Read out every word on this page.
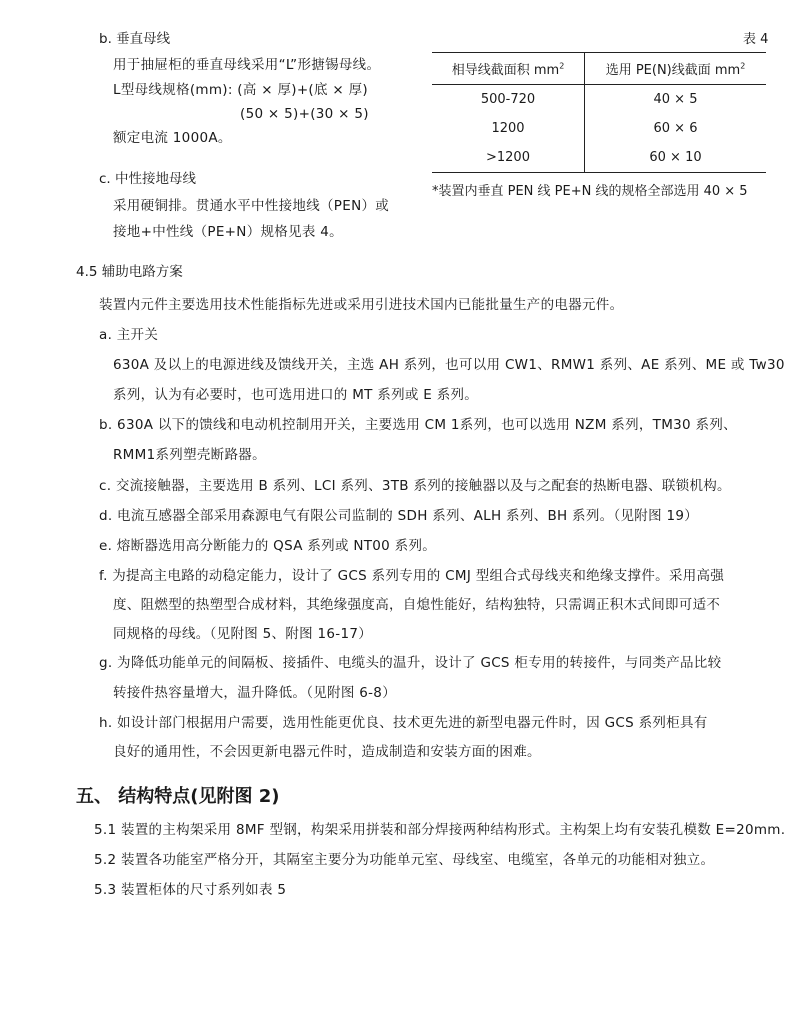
b. 垂直母线
用于抽屉柜的垂直母线采用“L”形搪锡母线。
L型母线规格(mm): (高 × 厚)+(底 × 厚)
(50 × 5)+(30 × 5)
额定电流 1000A。
c. 中性接地母线
采用硬铜排。贯通水平中性接地线（PEN）或
接地+中性线（PE+N）规格见表 4。
表 4
相导线截面积 $mm^2$	选用 PE(N)线截面 $mm^2$
500-720	40 × 5
1200	60 × 6
>1200	60 × 10
*装置内垂直 PEN 线 PE+N 线的规格全部选用 40 × 5
4.5 辅助电路方案
装置内元件主要选用技术性能指标先进或采用引进技术国内已能批量生产的电器元件。
a. 主开关
630A 及以上的电源进线及馈线开关，主选 AH 系列，也可以用 CW1、RMW1 系列、AE 系列、ME 或 Tw30
系列，认为有必要时，也可选用进口的 MT 系列或 E 系列。
b. 630A 以下的馈线和电动机控制用开关，主要选用 CM 1系列，也可以选用 NZM 系列，TM30 系列、
RMM1系列塑壳断路器。
c. 交流接触器，主要选用 B 系列、LCI 系列、3TB 系列的接触器以及与之配套的热断电器、联锁机构。
d. 电流互感器全部采用森源电气有限公司监制的 SDH 系列、ALH 系列、BH 系列。（见附图 19）
e. 熔断器选用高分断能力的 QSA 系列或 NT00 系列。
f. 为提高主电路的动稳定能力，设计了 GCS 系列专用的 CMJ 型组合式母线夹和绝缘支撑件。采用高强
度、阻燃型的热塑型合成材料，其绝缘强度高，自熄性能好，结构独特，只需调正积木式间即可适不
同规格的母线。（见附图 5、附图 16-17）
g. 为降低功能单元的间隔板、接插件、电缆头的温升，设计了 GCS 柜专用的转接件，与同类产品比较
转接件热容量增大，温升降低。（见附图 6-8）
h. 如设计部门根据用户需要，选用性能更优良、技术更先进的新型电器元件时，因 GCS 系列柜具有
良好的通用性，不会因更新电器元件时，造成制造和安装方面的困难。
五、 结构特点(见附图 2)
5.1 装置的主构架采用 8MF 型钢，构架采用拼装和部分焊接两种结构形式。主构架上均有安装孔模数 E=20mm.
5.2 装置各功能室严格分开，其隔室主要分为功能单元室、母线室、电缆室，各单元的功能相对独立。
5.3 装置柜体的尺寸系列如表 5
